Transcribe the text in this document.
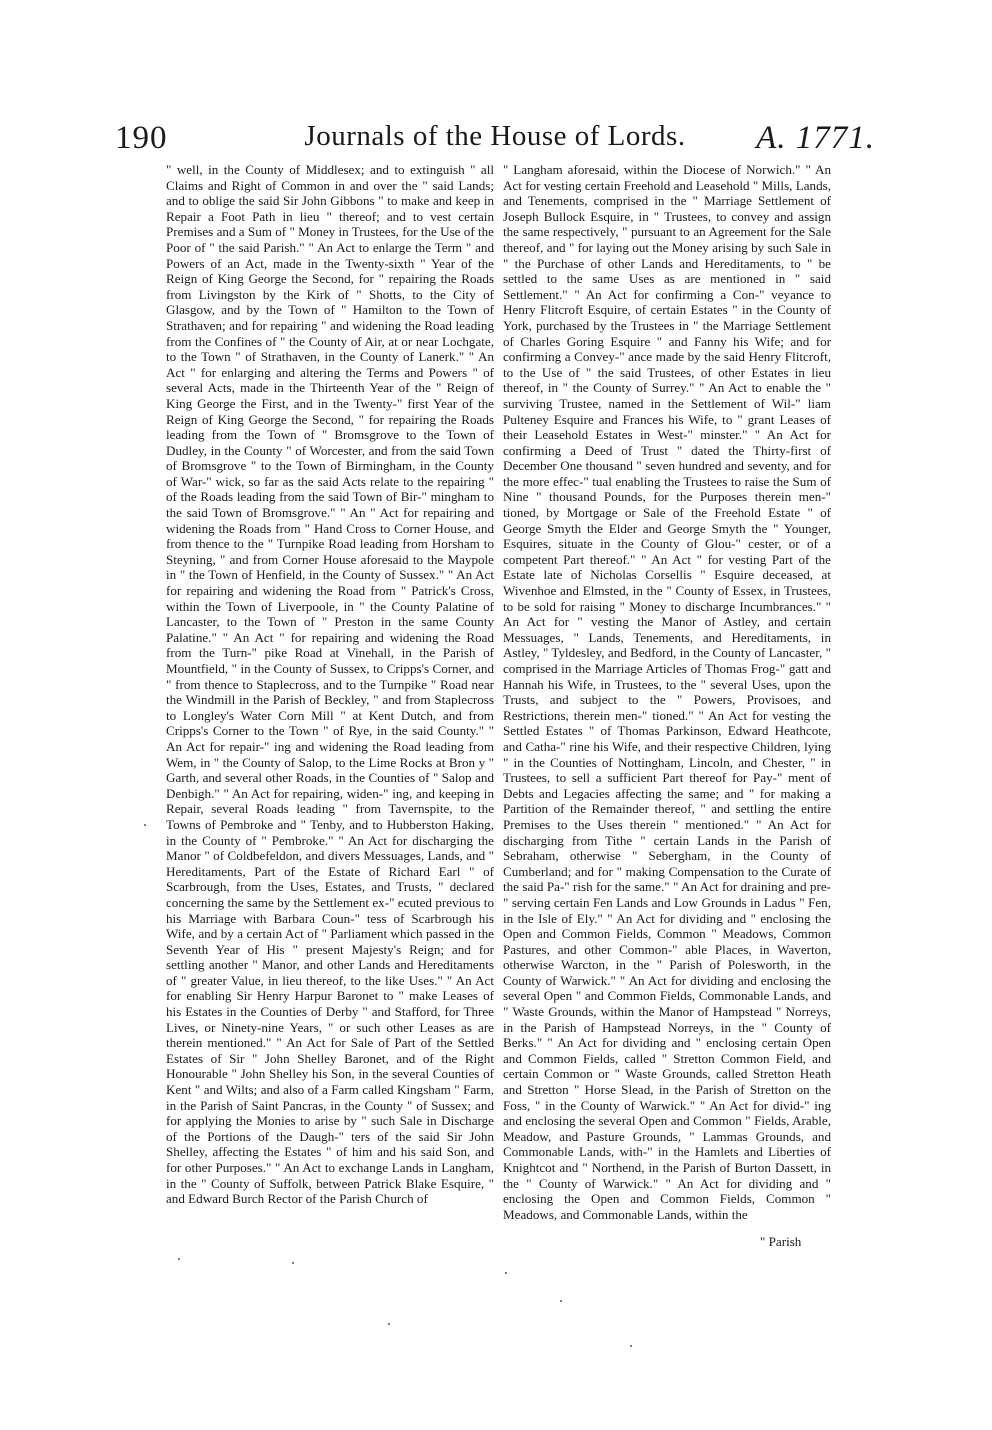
190	Journals of the House of Lords.	A. 1771.
" well, in the County of Middlesex; and to extinguish " all Claims and Right of Common in and over the " said Lands; and to oblige the said Sir John Gibbons " to make and keep in Repair a Foot Path in lieu " thereof; and to vest certain Premises and a Sum of " Money in Trustees, for the Use of the Poor of " the said Parish." " An Act to enlarge the Term " and Powers of an Act, made in the Twenty-sixth " Year of the Reign of King George the Second, for " repairing the Roads from Livingston by the Kirk of " Shotts, to the City of Glasgow, and by the Town of " Hamilton to the Town of Strathaven; and for repairing " and widening the Road leading from the Confines of " the County of Air, at or near Lochgate, to the Town " of Strathaven, in the County of Lanerk." " An Act " for enlarging and altering the Terms and Powers " of several Acts, made in the Thirteenth Year of the " Reign of King George the First, and in the Twenty-" first Year of the Reign of King George the Second, " for repairing the Roads leading from the Town of " Bromsgrove to the Town of Dudley, in the County " of Worcester, and from the said Town of Bromsgrove " to the Town of Birmingham, in the County of War-" wick, so far as the said Acts relate to the repairing " of the Roads leading from the said Town of Bir-" mingham to the said Town of Bromsgrove." " An " Act for repairing and widening the Roads from " Hand Cross to Corner House, and from thence to the " Turnpike Road leading from Horsham to Steyning, " and from Corner House aforesaid to the Maypole in " the Town of Henfield, in the County of Sussex." " An Act for repairing and widening the Road from " Patrick's Cross, within the Town of Liverpoole, in " the County Palatine of Lancaster, to the Town of " Preston in the same County Palatine." " An Act " for repairing and widening the Road from the Turn-" pike Road at Vinehall, in the Parish of Mountfield, " in the County of Sussex, to Cripps's Corner, and " from thence to Staplecross, and to the Turnpike " Road near the Windmill in the Parish of Beckley, " and from Staplecross to Longley's Water Corn Mill " at Kent Dutch, and from Cripps's Corner to the Town " of Rye, in the said County." " An Act for repair-" ing and widening the Road leading from Wem, in " the County of Salop, to the Lime Rocks at Bron y " Garth, and several other Roads, in the Counties of " Salop and Denbigh." " An Act for repairing, widen-" ing, and keeping in Repair, several Roads leading " from Tavernspite, to the Towns of Pembroke and " Tenby, and to Hubberston Haking, in the County of " Pembroke." " An Act for discharging the Manor " of Coldbefeldon, and divers Messuages, Lands, and " Hereditaments, Part of the Estate of Richard Earl " of Scarbrough, from the Uses, Estates, and Trusts, " declared concerning the same by the Settlement ex-" ecuted previous to his Marriage with Barbara Coun-" tess of Scarbrough his Wife, and by a certain Act of " Parliament which passed in the Seventh Year of His " present Majesty's Reign; and for settling another " Manor, and other Lands and Hereditaments of " greater Value, in lieu thereof, to the like Uses." " An Act for enabling Sir Henry Harpur Baronet to " make Leases of his Estates in the Counties of Derby " and Stafford, for Three Lives, or Ninety-nine Years, " or such other Leases as are therein mentioned." " An Act for Sale of Part of the Settled Estates of Sir " John Shelley Baronet, and of the Right Honourable " John Shelley his Son, in the several Counties of Kent " and Wilts; and also of a Farm called Kingsham " Farm, in the Parish of Saint Pancras, in the County " of Sussex; and for applying the Monies to arise by " such Sale in Discharge of the Portions of the Daugh-" ters of the said Sir John Shelley, affecting the Estates " of him and his said Son, and for other Purposes." " An Act to exchange Lands in Langham, in the " County of Suffolk, between Patrick Blake Esquire, " and Edward Burch Rector of the Parish Church of
" Langham aforesaid, within the Diocese of Norwich." " An Act for vesting certain Freehold and Leasehold " Mills, Lands, and Tenements, comprised in the " Marriage Settlement of Joseph Bullock Esquire, in " Trustees, to convey and assign the same respectively, " pursuant to an Agreement for the Sale thereof, and " for laying out the Money arising by such Sale in " the Purchase of other Lands and Hereditaments, to " be settled to the same Uses as are mentioned in " said Settlement." " An Act for confirming a Con-" veyance to Henry Flitcroft Esquire, of certain Estates " in the County of York, purchased by the Trustees in " the Marriage Settlement of Charles Goring Esquire " and Fanny his Wife; and for confirming a Convey-" ance made by the said Henry Flitcroft, to the Use of " the said Trustees, of other Estates in lieu thereof, in " the County of Surrey." " An Act to enable the " surviving Trustee, named in the Settlement of Wil-" liam Pulteney Esquire and Frances his Wife, to " grant Leases of their Leasehold Estates in West-" minster." " An Act for confirming a Deed of Trust " dated the Thirty-first of December One thousand " seven hundred and seventy, and for the more effec-" tual enabling the Trustees to raise the Sum of Nine " thousand Pounds, for the Purposes therein men-" tioned, by Mortgage or Sale of the Freehold Estate " of George Smyth the Elder and George Smyth the " Younger, Esquires, situate in the County of Glou-" cester, or of a competent Part thereof." " An Act " for vesting Part of the Estate late of Nicholas Corsellis " Esquire deceased, at Wivenhoe and Elmsted, in the " County of Essex, in Trustees, to be sold for raising " Money to discharge Incumbrances." " An Act for " vesting the Manor of Astley, and certain Messuages, " Lands, Tenements, and Hereditaments, in Astley, " Tyldesley, and Bedford, in the County of Lancaster, " comprised in the Marriage Articles of Thomas Frog-" gatt and Hannah his Wife, in Trustees, to the " several Uses, upon the Trusts, and subject to the " Powers, Provisoes, and Restrictions, therein men-" tioned." " An Act for vesting the Settled Estates " of Thomas Parkinson, Edward Heathcote, and Catha-" rine his Wife, and their respective Children, lying " in the Counties of Nottingham, Lincoln, and Chester, " in Trustees, to sell a sufficient Part thereof for Pay-" ment of Debts and Legacies affecting the same; and " for making a Partition of the Remainder thereof, " and settling the entire Premises to the Uses therein " mentioned." " An Act for discharging from Tithe " certain Lands in the Parish of Sebraham, otherwise " Sebergham, in the County of Cumberland; and for " making Compensation to the Curate of the said Pa-" rish for the same." " An Act for draining and pre-" serving certain Fen Lands and Low Grounds in Ladus " Fen, in the Isle of Ely." " An Act for dividing and " enclosing the Open and Common Fields, Common " Meadows, Common Pastures, and other Common-" able Places, in Waverton, otherwise Warcton, in the " Parish of Polesworth, in the County of Warwick." " An Act for dividing and enclosing the several Open " and Common Fields, Commonable Lands, and " Waste Grounds, within the Manor of Hampstead " Norreys, in the Parish of Hampstead Norreys, in the " County of Berks." " An Act for dividing and " enclosing certain Open and Common Fields, called " Stretton Common Field, and certain Common or " Waste Grounds, called Stretton Heath and Stretton " Horse Slead, in the Parish of Stretton on the Foss, " in the County of Warwick." " An Act for divid-" ing and enclosing the several Open and Common " Fields, Arable, Meadow, and Pasture Grounds, " Lammas Grounds, and Commonable Lands, with-" in the Hamlets and Liberties of Knightcot and " Northend, in the Parish of Burton Dassett, in the " County of Warwick." " An Act for dividing and " enclosing the Open and Common Fields, Common " Meadows, and Commonable Lands, within the
" Parish
